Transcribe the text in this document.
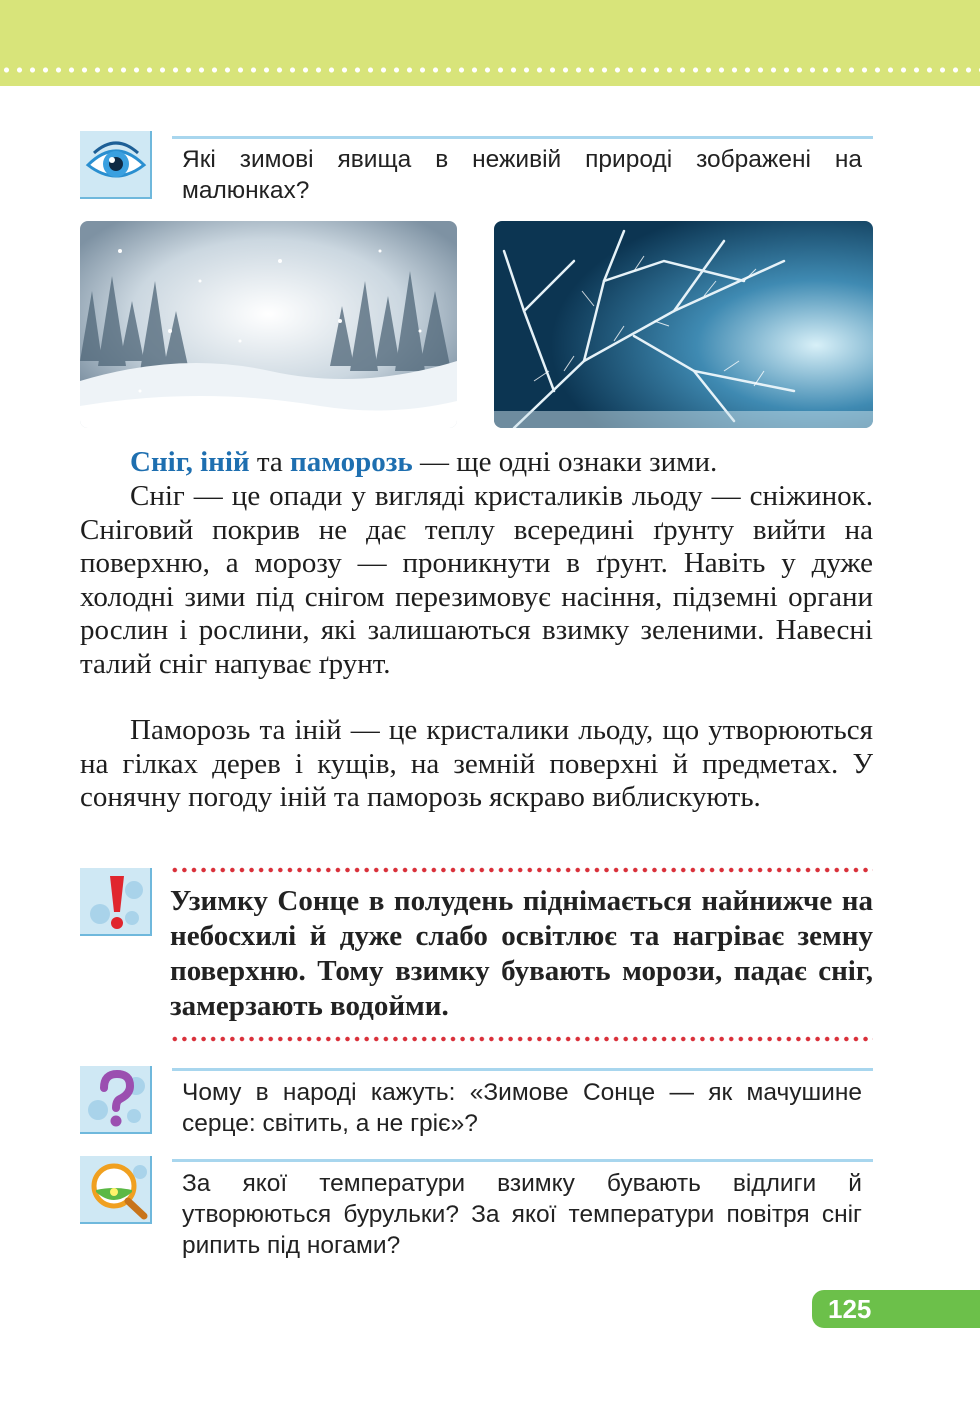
Які зимові явища в неживій природі зображені на малюнках?

Сніг, іній та паморозь — ще одні ознаки зими.

Сніг — це опади у вигляді кристаликів льоду — сніжинок. Сніговий покрив не дає теплу всередині ґрунту вийти на поверхню, а морозу — проникнути в ґрунт. Навіть у дуже холодні зими під снігом перезимовує насіння, підземні органи рослин і рослини, які залишаються взимку зеленими. Навесні талий сніг напуває ґрунт.

Паморозь та іній — це кристалики льоду, що утворюються на гілках дерев і кущів, на земній поверхні й предметах. У сонячну погоду іній та паморозь яскраво виблискують.

Узимку Сонце в полудень піднімається найнижче на небосхилі й дуже слабо освітлює та нагріває земну поверхню. Тому взимку бувають морози, падає сніг, замерзають водойми.

Чому в народі кажуть: «Зимове Сонце — як мачушине серце: світить, а не гріє»?

За якої температури взимку бувають відлиги й утворюються бурульки? За якої температури повітря сніг рипить під ногами?

125
